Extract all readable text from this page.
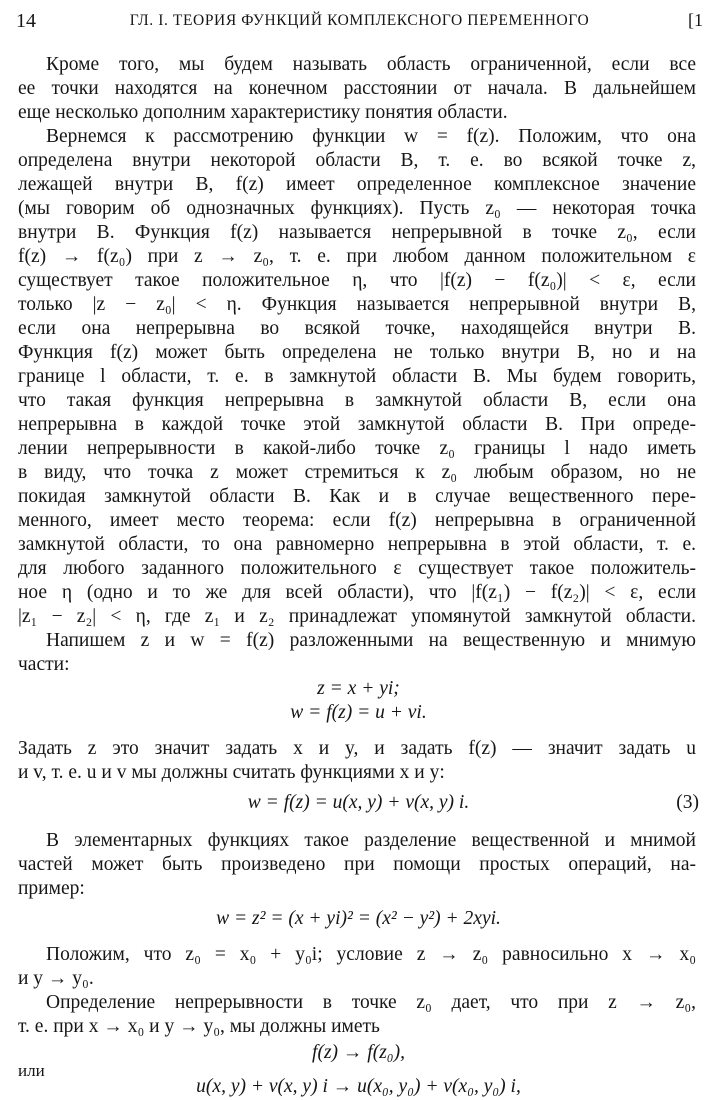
14	ГЛ. I. ТЕОРИЯ ФУНКЦИЙ КОМПЛЕКСНОГО ПЕРЕМЕННОГО	[1
Кроме того, мы будем называть область ограниченной, если все
ее точки находятся на конечном расстоянии от начала. В дальнейшем
еще несколько дополним характеристику понятия области.
Вернемся к рассмотрению функции w = f(z). Положим, что она
определена внутри некоторой области B, т. е. во всякой точке z,
лежащей внутри B, f(z) имеет определенное комплексное значение
(мы говорим об однозначных функциях). Пусть z₀ — некоторая точка
внутри B. Функция f(z) называется непрерывной в точке z₀, если
f(z) → f(z₀) при z → z₀, т. е. при любом данном положительном ε
существует такое положительное η, что |f(z) − f(z₀)| < ε, если
только |z − z₀| < η. Функция называется непрерывной внутри B,
если она непрерывна во всякой точке, находящейся внутри B.
Функция f(z) может быть определена не только внутри B, но и на
границе l области, т. е. в замкнутой области B. Мы будем говорить,
что такая функция непрерывна в замкнутой области B, если она
непрерывна в каждой точке этой замкнутой области B. При опреде-
лении непрерывности в какой-либо точке z₀ границы l надо иметь
в виду, что точка z может стремиться к z₀ любым образом, но не
покидая замкнутой области B. Как и в случае вещественного пере-
менного, имеет место теорема: если f(z) непрерывна в ограниченной
замкнутой области, то она равномерно непрерывна в этой области, т. е.
для любого заданного положительного ε существует такое положитель-
ное η (одно и то же для всей области), что |f(z₁) − f(z₂)| < ε, если
|z₁ − z₂| < η, где z₁ и z₂ принадлежат упомянутой замкнутой области.
Напишем z и w = f(z) разложенными на вещественную и мнимую
части:
z = x + yi;
w = f(z) = u + vi.
Задать z это значит задать x и y, и задать f(z) — значит задать u
и v, т. е. u и v мы должны считать функциями x и y:
w = f(z) = u(x, y) + v(x, y) i.	(3)
В элементарных функциях такое разделение вещественной и мнимой
частей может быть произведено при помощи простых операций, на-
пример:
w = z² = (x + yi)² = (x² − y²) + 2xyi.
Положим, что z₀ = x₀ + y₀i; условие z → z₀ равносильно x → x₀
и y → y₀.
Определение непрерывности в точке z₀ дает, что при z → z₀,
т. е. при x → x₀ и y → y₀, мы должны иметь
f(z) → f(z₀),
или
u(x, y) + v(x, y) i → u(x₀, y₀) + v(x₀, y₀) i,
